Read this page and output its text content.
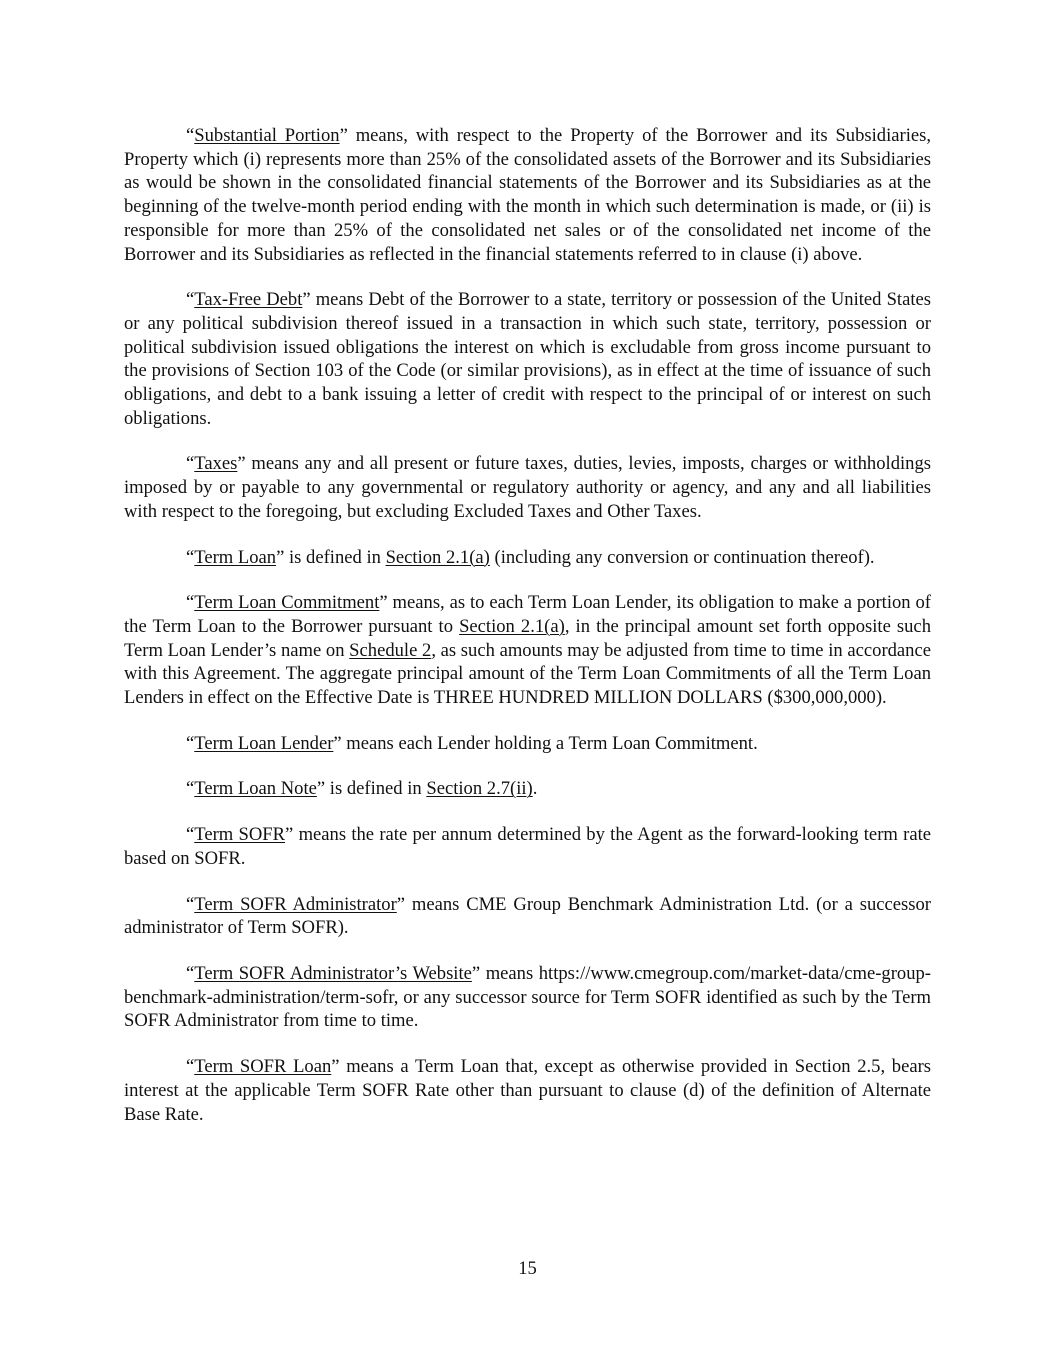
“Substantial Portion” means, with respect to the Property of the Borrower and its Subsidiaries, Property which (i) represents more than 25% of the consolidated assets of the Borrower and its Subsidiaries as would be shown in the consolidated financial statements of the Borrower and its Subsidiaries as at the beginning of the twelve-month period ending with the month in which such determination is made, or (ii) is responsible for more than 25% of the consolidated net sales or of the consolidated net income of the Borrower and its Subsidiaries as reflected in the financial statements referred to in clause (i) above.

“Tax-Free Debt” means Debt of the Borrower to a state, territory or possession of the United States or any political subdivision thereof issued in a transaction in which such state, territory, possession or political subdivision issued obligations the interest on which is excludable from gross income pursuant to the provisions of Section 103 of the Code (or similar provisions), as in effect at the time of issuance of such obligations, and debt to a bank issuing a letter of credit with respect to the principal of or interest on such obligations.

“Taxes” means any and all present or future taxes, duties, levies, imposts, charges or withholdings imposed by or payable to any governmental or regulatory authority or agency, and any and all liabilities with respect to the foregoing, but excluding Excluded Taxes and Other Taxes.

“Term Loan” is defined in Section 2.1(a) (including any conversion or continuation thereof).

“Term Loan Commitment” means, as to each Term Loan Lender, its obligation to make a portion of the Term Loan to the Borrower pursuant to Section 2.1(a), in the principal amount set forth opposite such Term Loan Lender’s name on Schedule 2, as such amounts may be adjusted from time to time in accordance with this Agreement. The aggregate principal amount of the Term Loan Commitments of all the Term Loan Lenders in effect on the Effective Date is THREE HUNDRED MILLION DOLLARS ($300,000,000).

“Term Loan Lender” means each Lender holding a Term Loan Commitment.

“Term Loan Note” is defined in Section 2.7(ii).

“Term SOFR” means the rate per annum determined by the Agent as the forward-looking term rate based on SOFR.

“Term SOFR Administrator” means CME Group Benchmark Administration Ltd. (or a successor administrator of Term SOFR).

“Term SOFR Administrator’s Website” means https://www.cmegroup.com/market-data/cme-group-benchmark-administration/term-sofr, or any successor source for Term SOFR identified as such by the Term SOFR Administrator from time to time.

“Term SOFR Loan” means a Term Loan that, except as otherwise provided in Section 2.5, bears interest at the applicable Term SOFR Rate other than pursuant to clause (d) of the definition of Alternate Base Rate.

15
